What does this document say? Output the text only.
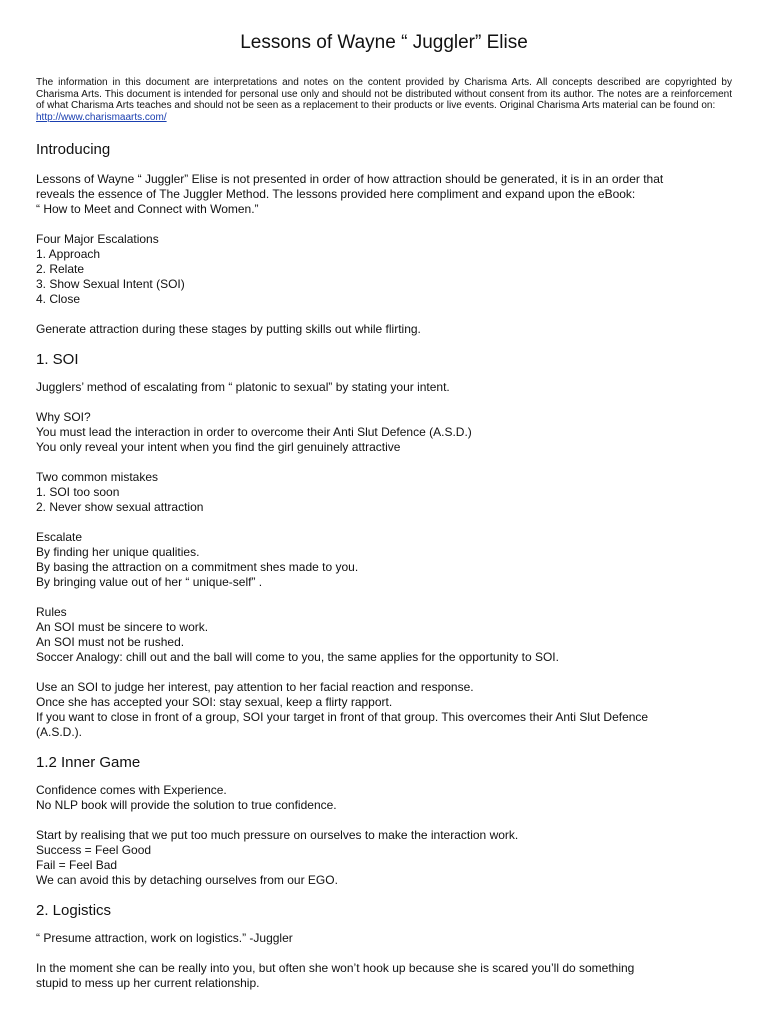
Lessons of Wayne “ Juggler” Elise
The information in this document are interpretations and notes on the content provided by Charisma Arts. All concepts described are copyrighted by Charisma Arts. This document is intended for personal use only and should not be distributed without consent from its author. The notes are a reinforcement of what Charisma Arts teaches and should not be seen as a replacement to their products or live events. Original Charisma Arts material can be found on:
http://www.charismaarts.com/
Introducing

Lessons of Wayne “ Juggler” Elise is not presented in order of how attraction should be generated, it is in an order that

reveals the essence of The Juggler Method. The lessons provided here compliment and expand upon the eBook:

“ How to Meet and Connect with Women.”

Four Major Escalations

1. Approach

2. Relate

3. Show Sexual Intent (SOI)

4. Close

Generate attraction during these stages by putting skills out while flirting.

1. SOI

Jugglers’ method of escalating from “ platonic to sexual” by stating your intent.

Why SOI?

You must lead the interaction in order to overcome their Anti Slut Defence (A.S.D.)

You only reveal your intent when you find the girl genuinely attractive

Two common mistakes

1. SOI too soon

2. Never show sexual attraction

Escalate

By finding her unique qualities.

By basing the attraction on a commitment shes made to you.

By bringing value out of her “ unique-self” .

Rules

An SOI must be sincere to work.

An SOI must not be rushed.

Soccer Analogy: chill out and the ball will come to you, the same applies for the opportunity to SOI.

Use an SOI to judge her interest, pay attention to her facial reaction and response.

Once she has accepted your SOI: stay sexual, keep a flirty rapport.

If you want to close in front of a group, SOI your target in front of that group. This overcomes their Anti Slut Defence

(A.S.D.).

1.2 Inner Game

Confidence comes with Experience.

No NLP book will provide the solution to true confidence.

Start by realising that we put too much pressure on ourselves to make the interaction work.

Success = Feel Good

Fail = Feel Bad

We can avoid this by detaching ourselves from our EGO.

2. Logistics

“ Presume attraction, work on logistics.” -Juggler

In the moment she can be really into you, but often she won’t hook up because she is scared you’ll do something

stupid to mess up her current relationship.
